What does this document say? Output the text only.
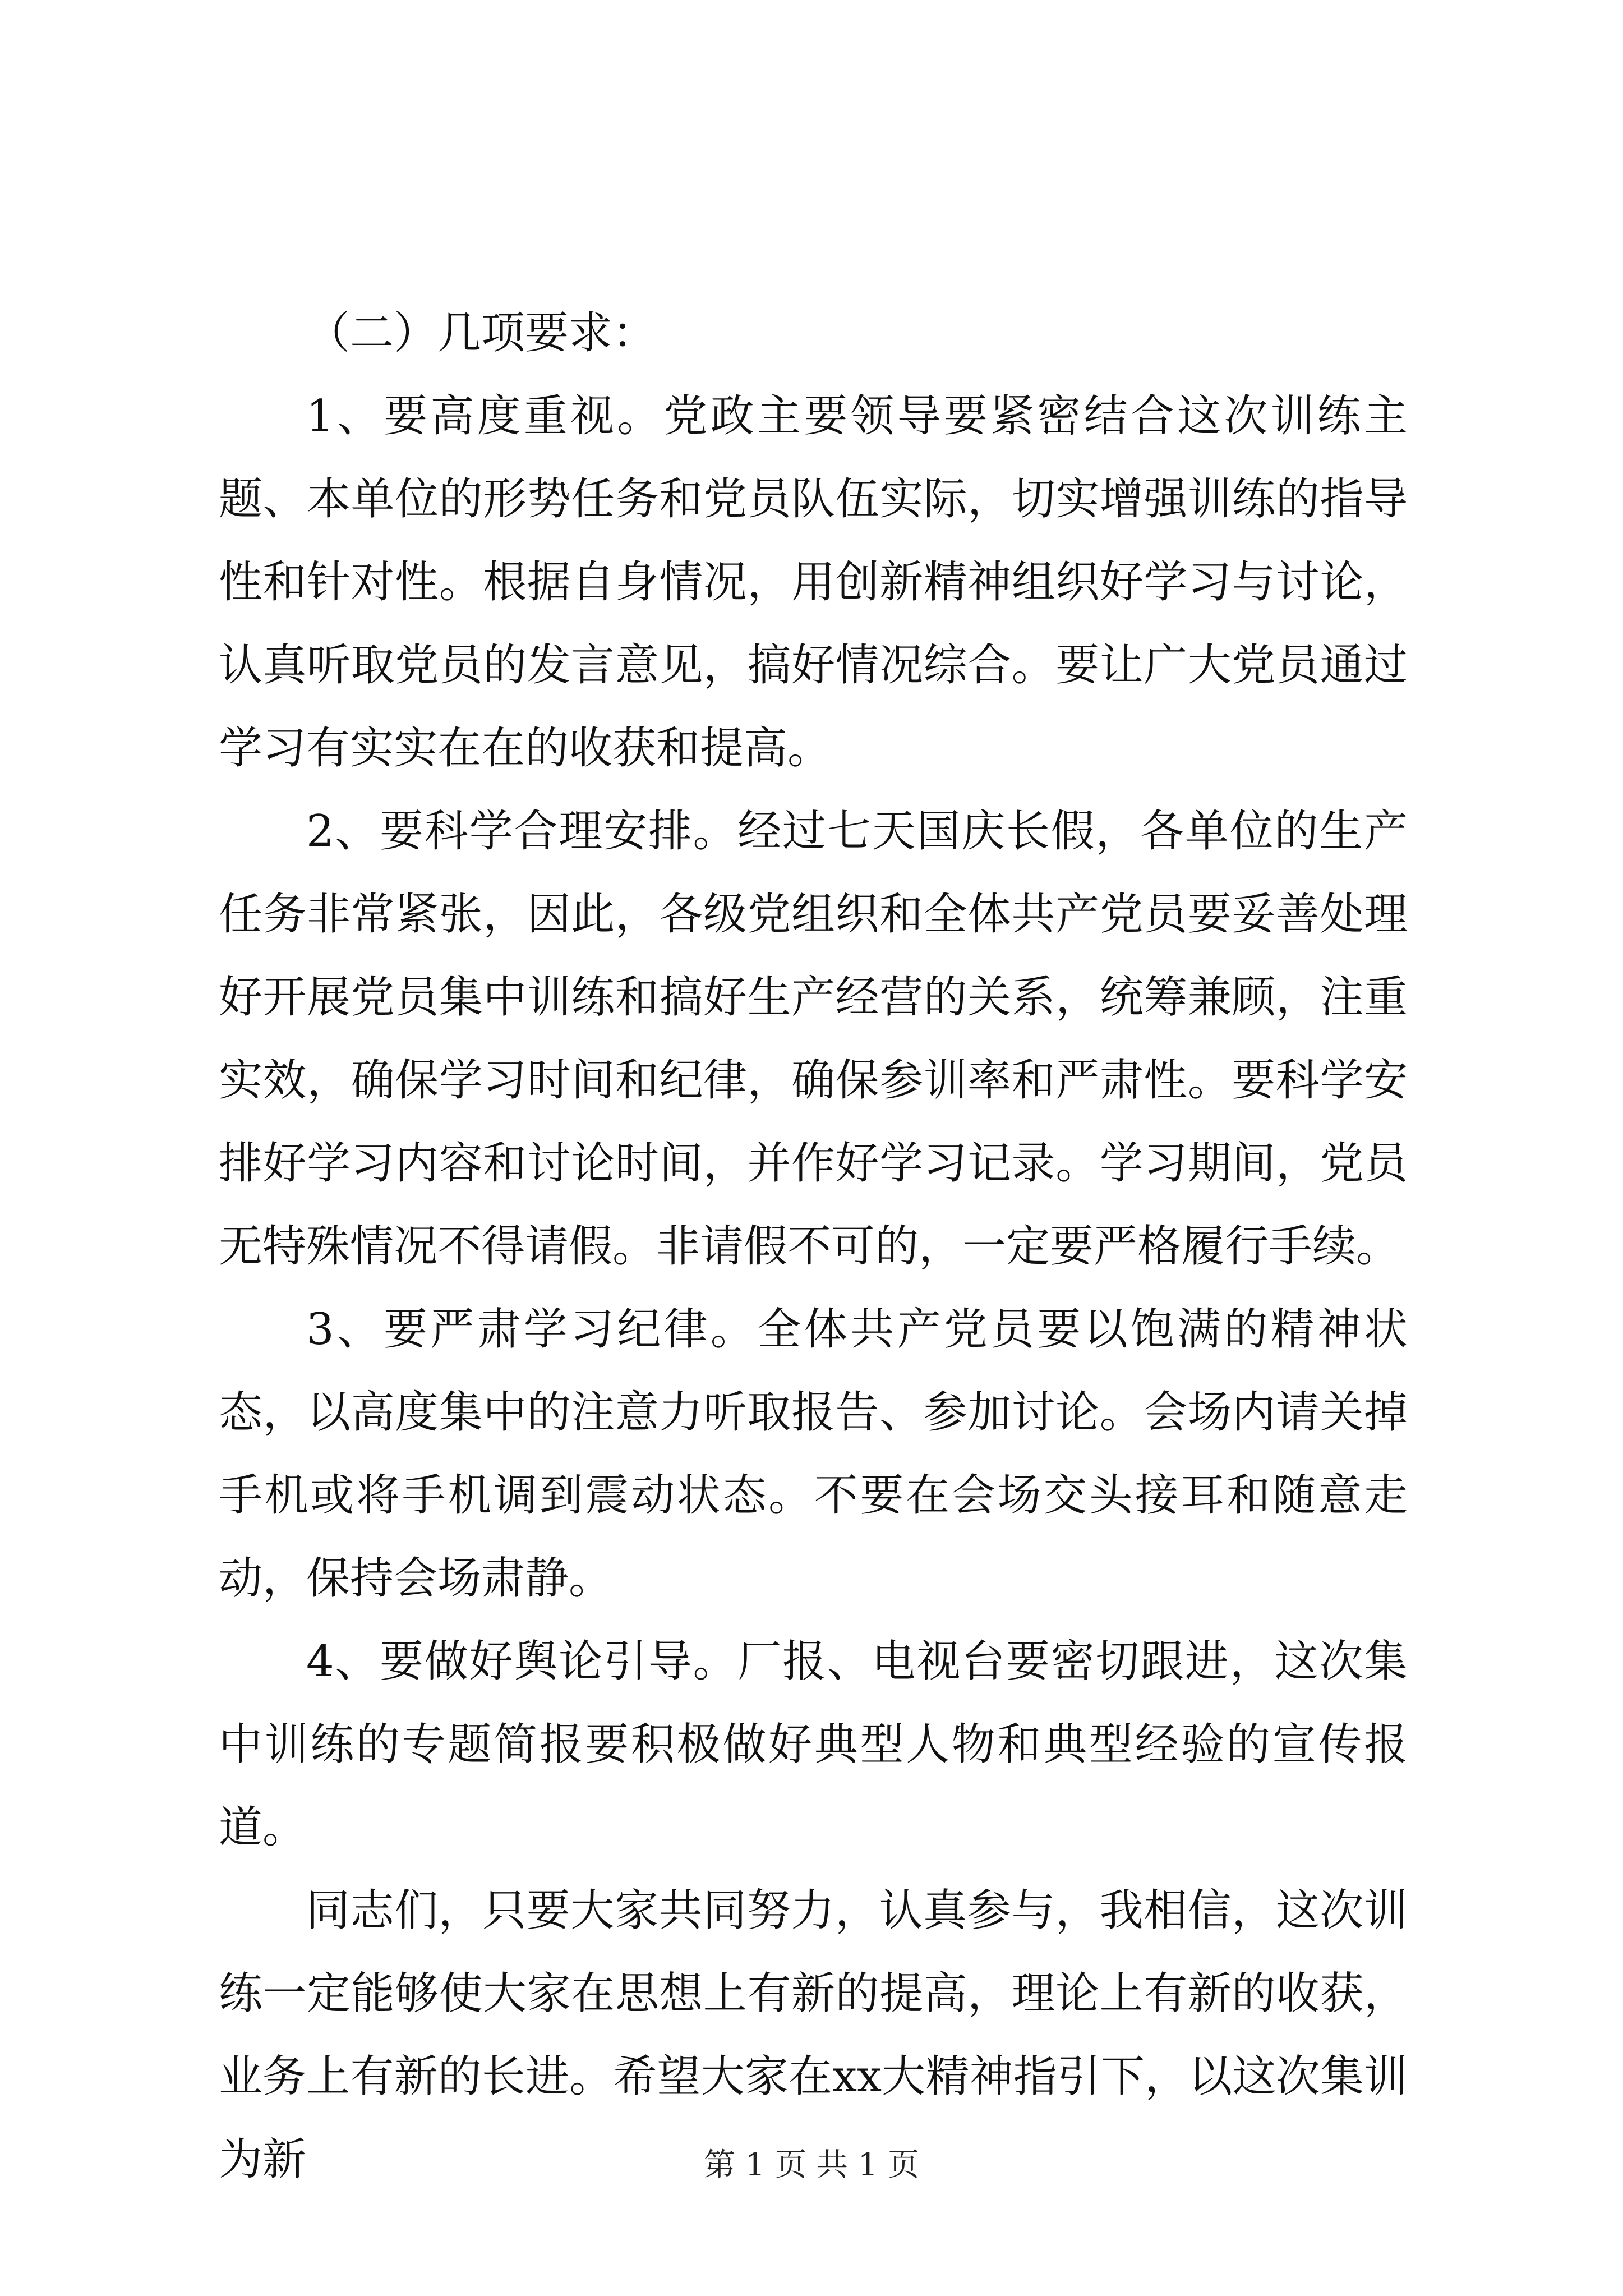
（二）几项要求：

1、要高度重视。党政主要领导要紧密结合这次训练主题、本单位的形势任务和党员队伍实际，切实增强训练的指导性和针对性。根据自身情况，用创新精神组织好学习与讨论，认真听取党员的发言意见，搞好情况综合。要让广大党员通过学习有实实在在的收获和提高。

2、要科学合理安排。经过七天国庆长假，各单位的生产任务非常紧张，因此，各级党组织和全体共产党员要妥善处理好开展党员集中训练和搞好生产经营的关系，统筹兼顾，注重实效，确保学习时间和纪律，确保参训率和严肃性。要科学安排好学习内容和讨论时间，并作好学习记录。学习期间，党员无特殊情况不得请假。非请假不可的，一定要严格履行手续。

3、要严肃学习纪律。全体共产党员要以饱满的精神状态，以高度集中的注意力听取报告、参加讨论。会场内请关掉手机或将手机调到震动状态。不要在会场交头接耳和随意走动，保持会场肃静。

4、要做好舆论引导。厂报、电视台要密切跟进，这次集中训练的专题简报要积极做好典型人物和典型经验的宣传报道。

同志们，只要大家共同努力，认真参与，我相信，这次训练一定能够使大家在思想上有新的提高，理论上有新的收获，业务上有新的长进。希望大家在xx大精神指引下，以这次集训为新	第 1 页 共 1 页
